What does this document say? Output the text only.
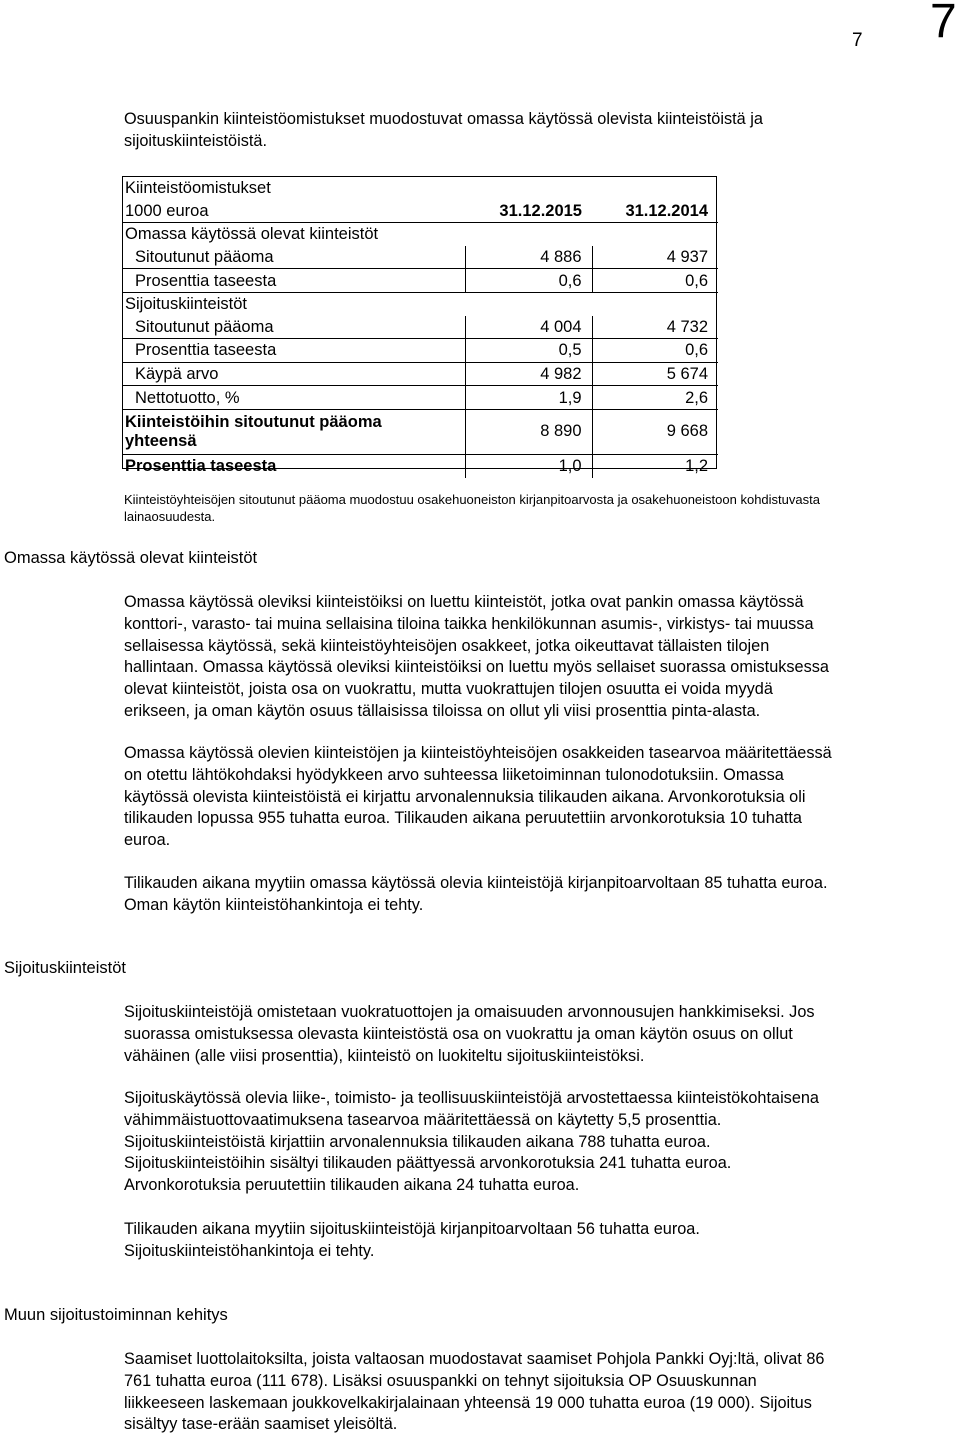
7 7
Osuuspankin kiinteistöomistukset muodostuvat omassa käytössä olevista kiinteistöistä ja
sijoituskiinteistöistä.
Kiinteistöomistukset		
1000 euroa	31.12.2015	31.12.2014
Omassa käytössä olevat kiinteistöt		
Sitoutunut pääoma	4 886	4 937
Prosenttia taseesta	0,6	0,6
Sijoituskiinteistöt		
Sitoutunut pääoma	4 004	4 732
Prosenttia taseesta	0,5	0,6
Käypä arvo	4 982	5 674
Nettotuotto, %	1,9	2,6
Kiinteistöihin sitoutunut pääoma yhteensä	8 890	9 668
Prosenttia taseesta	1,0	1,2
Kiinteistöyhteisöjen sitoutunut pääoma muodostuu osakehuoneiston kirjanpitoarvosta ja osakehuoneistoon kohdistuvasta
lainaosuudesta.
Omassa käytössä olevat kiinteistöt
Omassa käytössä oleviksi kiinteistöiksi on luettu kiinteistöt, jotka ovat pankin omassa käytössä
konttori-, varasto- tai muina sellaisina tiloina taikka henkilökunnan asumis-, virkistys- tai muussa
sellaisessa käytössä, sekä kiinteistöyhteisöjen osakkeet, jotka oikeuttavat tällaisten tilojen
hallintaan. Omassa käytössä oleviksi kiinteistöiksi on luettu myös sellaiset suorassa omistuksessa
olevat kiinteistöt, joista osa on vuokrattu, mutta vuokrattujen tilojen osuutta ei voida myydä
erikseen, ja oman käytön osuus tällaisissa tiloissa on ollut yli viisi prosenttia pinta-alasta.
Omassa käytössä olevien kiinteistöjen ja kiinteistöyhteisöjen osakkeiden tasearvoa määritettäessä
on otettu lähtökohdaksi hyödykkeen arvo suhteessa liiketoiminnan tulonodotuksiin. Omassa
käytössä olevista kiinteistöistä ei kirjattu arvonalennuksia tilikauden aikana. Arvonkorotuksia oli
tilikauden lopussa 955 tuhatta euroa. Tilikauden aikana peruutettiin arvonkorotuksia 10 tuhatta
euroa.
Tilikauden aikana myytiin omassa käytössä olevia kiinteistöjä kirjanpitoarvoltaan 85 tuhatta euroa.
Oman käytön kiinteistöhankintoja ei tehty.
Sijoituskiinteistöt
Sijoituskiinteistöjä omistetaan vuokratuottojen ja omaisuuden arvonnousujen hankkimiseksi. Jos
suorassa omistuksessa olevasta kiinteistöstä osa on vuokrattu ja oman käytön osuus on ollut
vähäinen (alle viisi prosenttia), kiinteistö on luokiteltu sijoituskiinteistöksi.
Sijoituskäytössä olevia liike-, toimisto- ja teollisuuskiinteistöjä arvostettaessa kiinteistökohtaisena
vähimmäistuottovaatimuksena tasearvoa määritettäessä on käytetty 5,5 prosenttia.
Sijoituskiinteistöistä kirjattiin arvonalennuksia tilikauden aikana 788 tuhatta euroa.
Sijoituskiinteistöihin sisältyi tilikauden päättyessä arvonkorotuksia 241 tuhatta euroa.
Arvonkorotuksia peruutettiin tilikauden aikana 24 tuhatta euroa.
Tilikauden aikana myytiin sijoituskiinteistöjä kirjanpitoarvoltaan 56 tuhatta euroa.
Sijoituskiinteistöhankintoja ei tehty.
Muun sijoitustoiminnan kehitys
Saamiset luottolaitoksilta, joista valtaosan muodostavat saamiset Pohjola Pankki Oyj:ltä, olivat 86
761 tuhatta euroa (111 678). Lisäksi osuuspankki on tehnyt sijoituksia OP Osuuskunnan
liikkeeseen laskemaan joukkovelkakirjalainaan yhteensä 19 000 tuhatta euroa (19 000). Sijoitus
sisältyy tase-erään saamiset yleisöltä.
